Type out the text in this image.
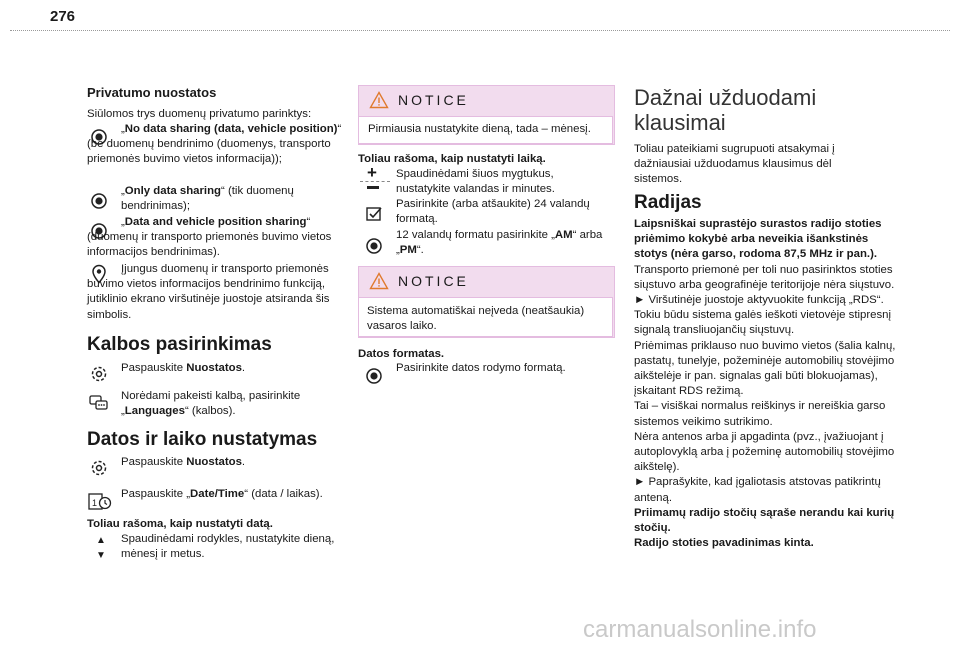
276
Privatumo nuostatos
Siūlomos trys duomenų privatumo parinktys:
„No data sharing (data, vehicle position)“ (be duomenų bendrinimo (duomenys, transporto priemonės buvimo vietos informacija));
„Only data sharing“ (tik duomenų bendrinimas);
„Data and vehicle position sharing“ (duomenų ir transporto priemonės buvimo vietos informacijos bendrinimas).
Įjungus duomenų ir transporto priemonės buvimo vietos informacijos bendrinimo funkciją, jutiklinio ekrano viršutinėje juostoje atsiranda šis simbolis.
Kalbos pasirinkimas
Paspauskite Nuostatos.
Norėdami pakeisti kalbą, pasirinkite „Languages“ (kalbos).
Datos ir laiko nustatymas
Paspauskite Nuostatos.
1
Paspauskite „Date/Time“ (data / laikas).
Toliau rašoma, kaip nustatyti datą.
▲
▼
Spaudinėdami rodykles, nustatykite dieną, mėnesį ir metus.
NOTICE
Pirmiausia nustatykite dieną, tada – mėnesį.
Toliau rašoma, kaip nustatyti laiką.
+ Spaudinėdami šiuos mygtukus, nustatykite valandas ir minutes.
Pasirinkite (arba atšaukite) 24 valandų formatą.
12 valandų formatu pasirinkite „AM“ arba „PM“.
NOTICE
Sistema automatiškai neįveda (neatšaukia) vasaros laiko.
Datos formatas.
Pasirinkite datos rodymo formatą.
Dažnai užduodami klausimai
Toliau pateikiami sugrupuoti atsakymai į dažniausiai užduodamus klausimus dėl sistemos.
Radijas
Laipsniškai suprastėjo surastos radijo stoties priėmimo kokybė arba neveikia išankstinės stotys (nėra garso, rodoma 87,5 MHz ir pan.).
Transporto priemonė per toli nuo pasirinktos stoties siųstuvo arba geografinėje teritorijoje nėra siųstuvo.
► Viršutinėje juostoje aktyvuokite funkciją „RDS“. Tokiu būdu sistema galės ieškoti vietovėje stipresnį signalą transliuojančių siųstuvų.
Priėmimas priklauso nuo buvimo vietos (šalia kalnų, pastatų, tunelyje, požeminėje automobilių stovėjimo aikštelėje ir pan. signalas gali būti blokuojamas), įskaitant RDS režimą.
Tai – visiškai normalus reiškinys ir nereiškia garso sistemos veikimo sutrikimo.
Nėra antenos arba ji apgadinta (pvz., įvažiuojant į autoplovyklą arba į požeminę automobilių stovėjimo aikštelę).
► Paprašykite, kad įgaliotasis atstovas patikrintų anteną.
Priimamų radijo stočių sąraše nerandu kai kurių stočių.
Radijo stoties pavadinimas kinta.
carmanualsonline.info
